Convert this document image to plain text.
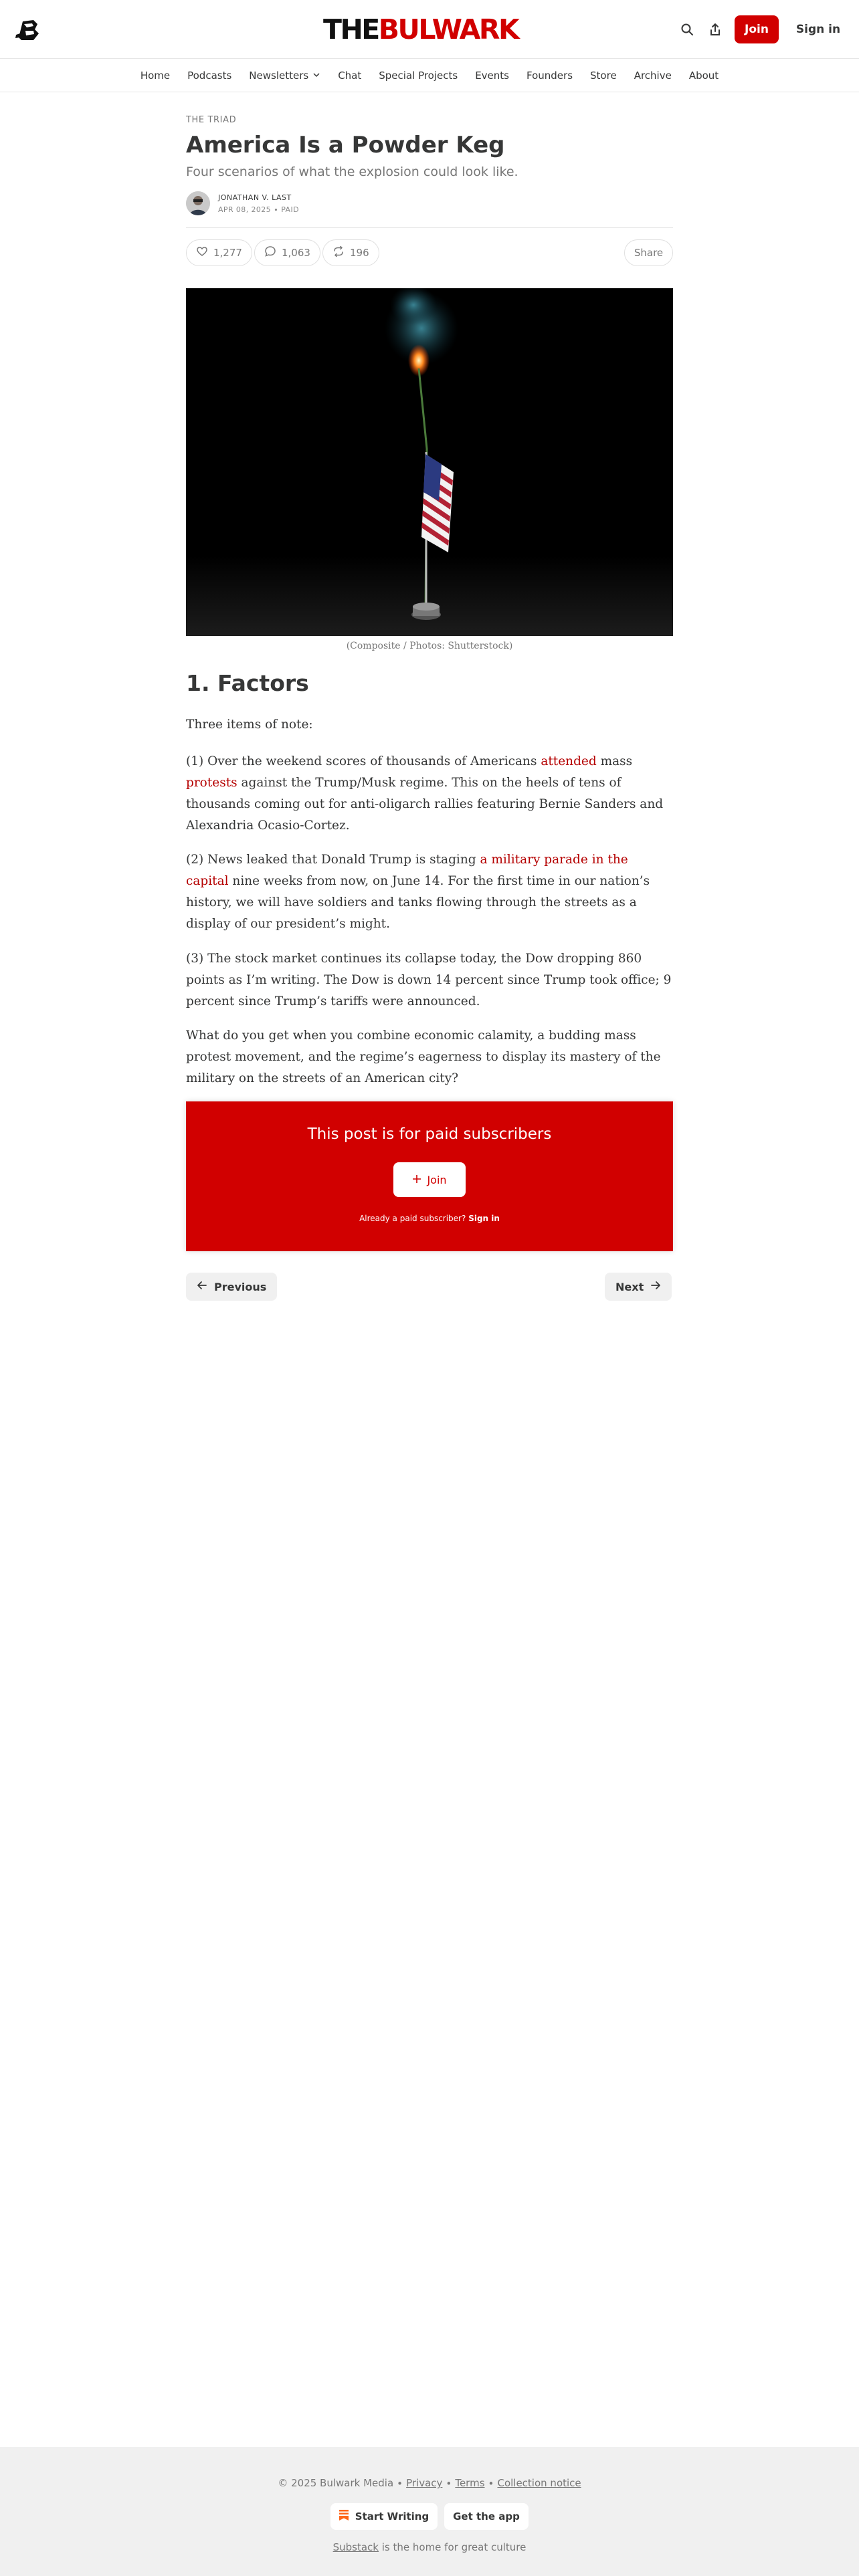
THEBULWARK	Join	Sign in
Home	Podcasts	Newsletters	Chat	Special Projects	Events	Founders	Store	Archive	About
THE TRIAD
America Is a Powder Keg
Four scenarios of what the explosion could look like.
JONATHAN V. LAST
APR 08, 2025 ∙ PAID
1,277	1,063	196	Share
(Composite / Photos: Shutterstock)
1. Factors

Three items of note:

(1) Over the weekend scores of thousands of Americans attended mass protests against the Trump/Musk regime. This on the heels of tens of thousands coming out for anti-oligarch rallies featuring Bernie Sanders and Alexandria Ocasio-Cortez.

(2) News leaked that Donald Trump is staging a military parade in the capital nine weeks from now, on June 14. For the first time in our nation’s history, we will have soldiers and tanks flowing through the streets as a display of our president’s might.

(3) The stock market continues its collapse today, the Dow dropping 860 points as I’m writing. The Dow is down 14 percent since Trump took office; 9 percent since Trump’s tariffs were announced.

What do you get when you combine economic calamity, a budding mass protest movement, and the regime’s eagerness to display its mastery of the military on the streets of an American city?

This post is for paid subscribers
Join
Already a paid subscriber? Sign in
Previous	Next
© 2025 Bulwark Media ∙ Privacy ∙ Terms ∙ Collection notice
Start Writing	Get the app
Substack is the home for great culture
